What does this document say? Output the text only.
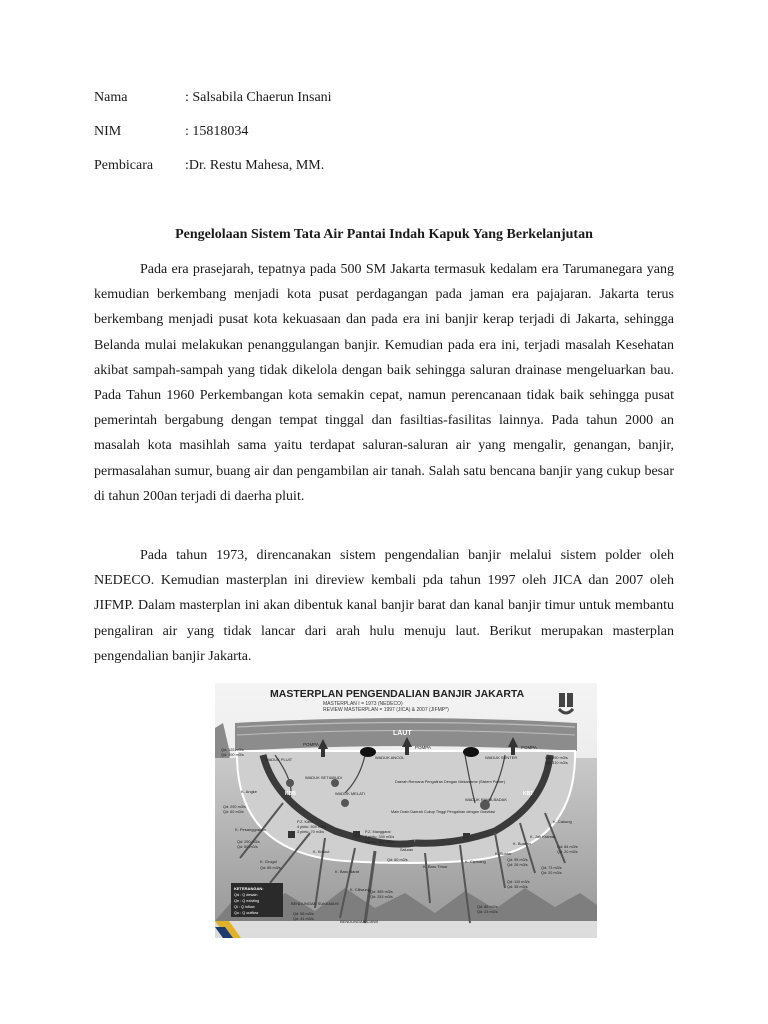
Nama	: Salsabila Chaerun Insani
NIM	: 15818034
Pembicara :Dr. Restu Mahesa, MM.
Pengelolaan Sistem Tata Air Pantai Indah Kapuk Yang Berkelanjutan

Pada era prasejarah, tepatnya pada 500 SM Jakarta termasuk kedalam era Tarumanegara yang kemudian berkembang menjadi kota pusat perdagangan pada jaman era pajajaran. Jakarta terus berkembang menjadi pusat kota kekuasaan dan pada era ini banjir kerap terjadi di Jakarta, sehingga Belanda mulai melakukan penanggulangan banjir. Kemudian pada era ini, terjadi masalah Kesehatan akibat sampah-sampah yang tidak dikelola dengan baik sehingga saluran drainase mengeluarkan bau. Pada Tahun 1960 Perkembangan kota semakin cepat, namun perencanaan tidak baik sehingga pusat pemerintah bergabung dengan tempat tinggal dan fasiltias-fasilitas lainnya. Pada tahun 2000 an masalah kota masihlah sama yaitu terdapat saluran-saluran air yang mengalir, genangan, banjir, permasalahan sumur, buang air dan pengambilan air tanah. Salah satu bencana banjir yang cukup besar di tahun 200an terjadi di daerha pluit.

Pada tahun 1973, direncanakan sistem pengendalian banjir melalui sistem polder oleh NEDECO. Kemudian masterplan ini direview kembali pda tahun 1997 oleh JICA dan 2007 oleh JIFMP. Dalam masterplan ini akan dibentuk kanal banjir barat dan kanal banjir timur untuk membantu pengaliran air yang tidak lancar dari arah hulu menuju laut. Berikut merupakan masterplan pengendalian banjir Jakarta.

MASTERPLAN PENGENDALIAN BANJIR JAKARTA
MASTERPLAN I = 1973 (NEDECO)
REVIEW MASTERPLAN = 1997 (JICA) & 2007 (JIFMP*)
LAUT
POMPA
POMPA	POMPA
WADUK PLUIT	WADUK ANCOL	WADUK SUNTER
WADUK SETIABUDI
WADUK MELATI
WADUK RAWA BADAK
Daerah Rencana Pengaliran Dengan Mekanisme (Sistem Polder)
Main Drain Daerah Cukup Tinggi Pengaliran dengan Gravitasi
KBB	KBT
K. Cakung
K. Angke
K. Pesanggrahan
K. Grogol
K. Krukut
K. Baru Barat
K. Ciliwung
K. Baru Timur
K. Cipinang
K. Sunter
K. Buaran
K. Jati Kramat
P.Z. Karet
4 pintu: 500 m3/s
3 pintu: 70 m3/s	P.Z. Manggarai
2 pintu: 330 m3/s
3 pintu: 502 m3/s
Saluran
Qd: 125 m3/s
Qd: 100 m3/s
Qd: 290 m3/s
Qd: 60 m3/s
Qd: 290 m3/s
Qd: 60 m3/s
Qd: 85 m3/s
Qd: 390 m3/s
Qd: 310 m3/s
Qd: 84 m3/s
Qd: 20 m3/s
Qd: 60 m3/s
Qd: 365 m3/s
Qd: 253 m3/s
Qd: 56 m3/s
Qd: 41 m3/s
Qd: 85 m3/s
Qd: 23 m3/s
Qd: 110 m3/s
Qd: 35 m3/s
Qd: 95 m3/s
Qd: 26 m3/s
Qd: 73 m3/s
Qd: 20 m3/s
BENDUNGAN SUKAMAHI
BENDUNGAN CIAWI
KETERANGAN:
Qd : Q desain
Qe : Q existing
Qi : Q inflow
Qo : Q outflow
